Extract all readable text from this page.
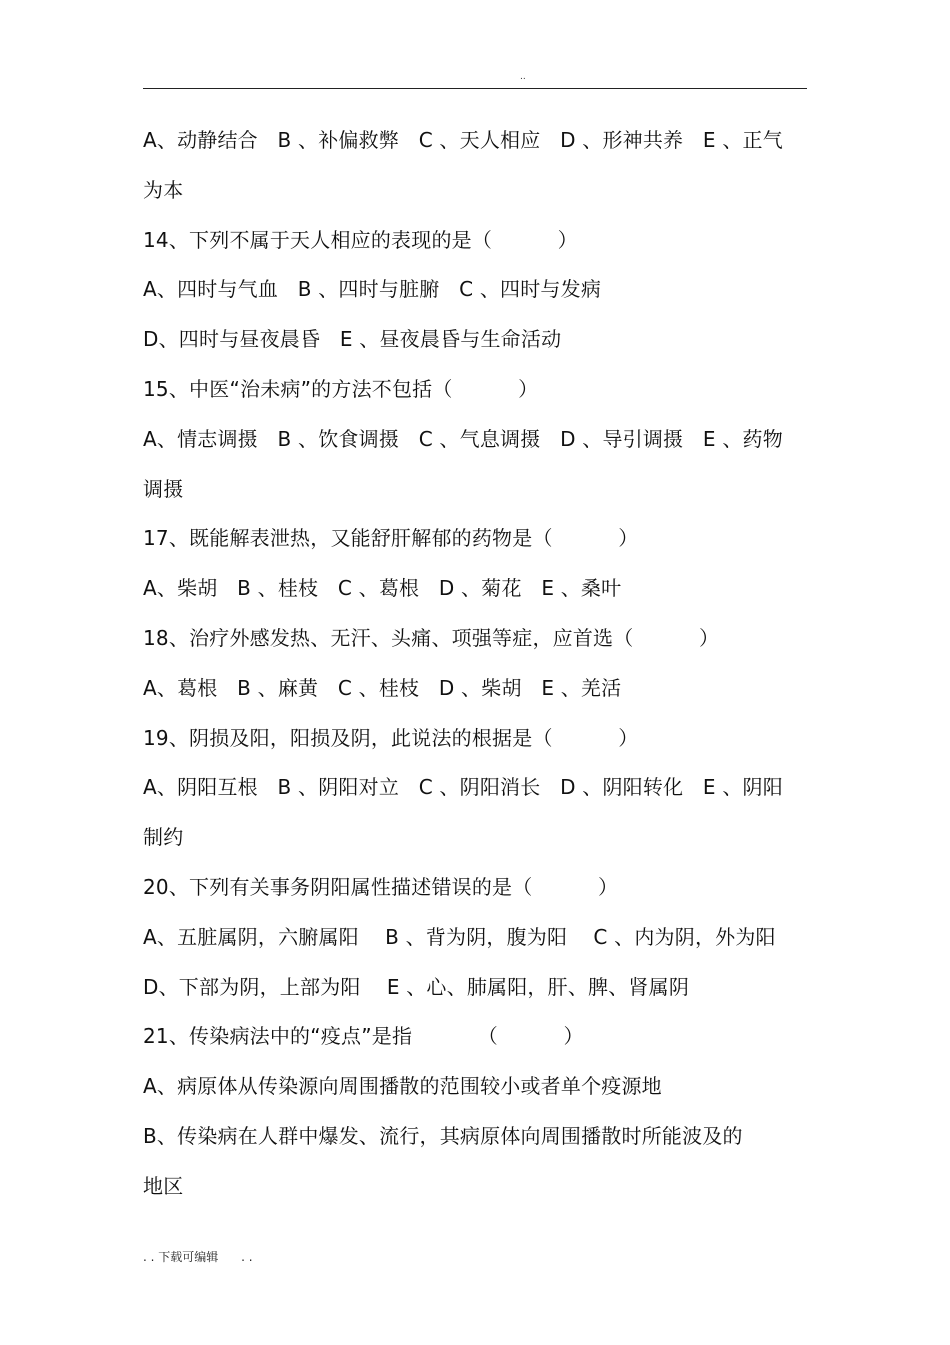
..
A、动静结合   B 、补偏救弊   C 、天人相应   D 、形神共养   E 、正气
为本
14、下列不属于天人相应的表现的是（          ）
A、四时与气血   B 、四时与脏腑   C 、四时与发病
D、四时与昼夜晨昏   E 、昼夜晨昏与生命活动
15、中医“治未病”的方法不包括（          ）
A、情志调摄   B 、饮食调摄   C 、气息调摄   D 、导引调摄   E 、药物
调摄
17、既能解表泄热，又能舒肝解郁的药物是（          ）
A、柴胡   B 、桂枝   C 、葛根   D 、菊花   E 、桑叶
18、治疗外感发热、无汗、头痛、项强等症，应首选（          ）
A、葛根   B 、麻黄   C 、桂枝   D 、柴胡   E 、羌活
19、阴损及阳，阳损及阴，此说法的根据是（          ）
A、阴阳互根   B 、阴阳对立   C 、阴阳消长   D 、阴阳转化   E 、阴阳
制约
20、下列有关事务阴阳属性描述错误的是（          ）
A、五脏属阴，六腑属阳    B 、背为阴，腹为阳    C 、内为阴，外为阳
D、下部为阴，上部为阳    E 、心、肺属阳，肝、脾、肾属阴
21、传染病法中的“疫点”是指          （          ）
A、病原体从传染源向周围播散的范围较小或者单个疫源地
B、传染病在人群中爆发、流行，其病原体向周围播散时所能波及的
地区
. . 下载可编辑      . .
